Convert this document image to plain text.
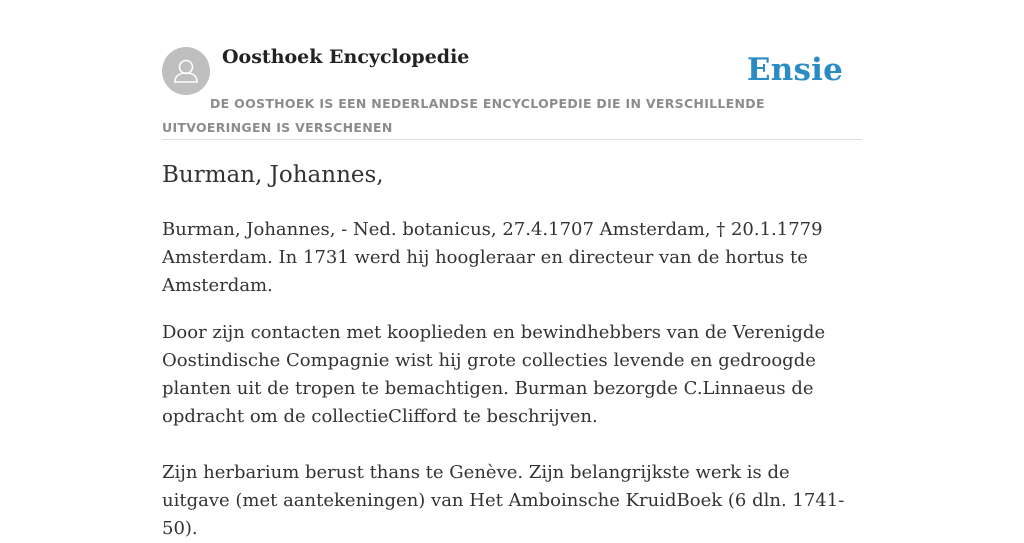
Oosthoek Encyclopedie	Ensie

DE OOSTHOEK IS EEN NEDERLANDSE ENCYCLOPEDIE DIE IN VERSCHILLENDE UITVOERINGEN IS VERSCHENEN

Burman, Johannes,

Burman, Johannes, - Ned. botanicus, 27.4.1707 Amsterdam, † 20.1.1779 Amsterdam. In 1731 werd hij hoogleraar en directeur van de hortus te Amsterdam.

Door zijn contacten met kooplieden en bewindhebbers van de Verenigde Oostindische Compagnie wist hij grote collecties levende en gedroogde planten uit de tropen te bemachtigen. Burman bezorgde C.Linnaeus de opdracht om de collectieClifford te beschrijven.

Zijn herbarium berust thans te Genève. Zijn belangrijkste werk is de uitgave (met aantekeningen) van Het Amboinsche KruidBoek (6 dln. 1741-50).
